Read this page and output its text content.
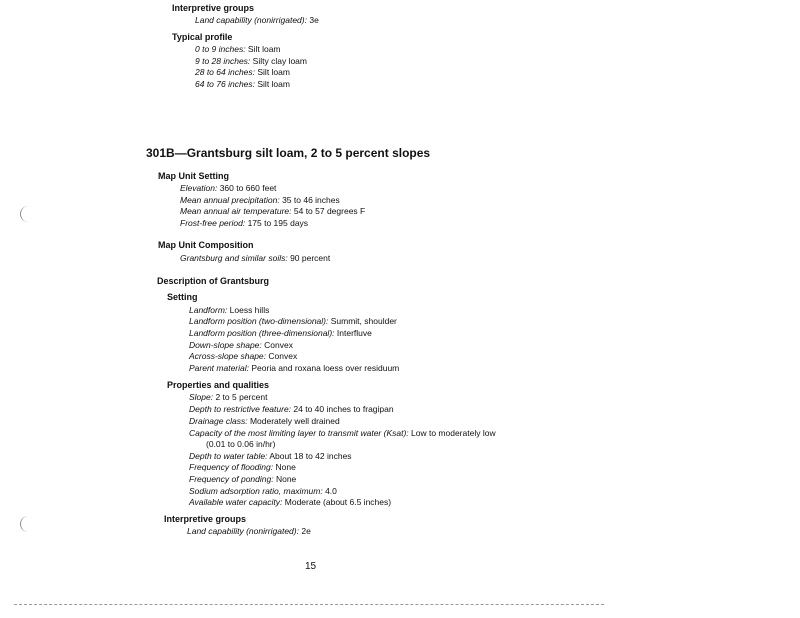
Interpretive groups
Land capability (nonirrigated): 3e
Typical profile
0 to 9 inches: Silt loam
9 to 28 inches: Silty clay loam
28 to 64 inches: Silt loam
64 to 76 inches: Silt loam
301B—Grantsburg silt loam, 2 to 5 percent slopes
Map Unit Setting
Elevation: 360 to 660 feet
Mean annual precipitation: 35 to 46 inches
Mean annual air temperature: 54 to 57 degrees F
Frost-free period: 175 to 195 days
Map Unit Composition
Grantsburg and similar soils: 90 percent
Description of Grantsburg
Setting
Landform: Loess hills
Landform position (two-dimensional): Summit, shoulder
Landform position (three-dimensional): Interfluve
Down-slope shape: Convex
Across-slope shape: Convex
Parent material: Peoria and roxana loess over residuum
Properties and qualities
Slope: 2 to 5 percent
Depth to restrictive feature: 24 to 40 inches to fragipan
Drainage class: Moderately well drained
Capacity of the most limiting layer to transmit water (Ksat): Low to moderately low
(0.01 to 0.06 in/hr)
Depth to water table: About 18 to 42 inches
Frequency of flooding: None
Frequency of ponding: None
Sodium adsorption ratio, maximum: 4.0
Available water capacity: Moderate (about 6.5 inches)
Interpretive groups
Land capability (nonirrigated): 2e
15
